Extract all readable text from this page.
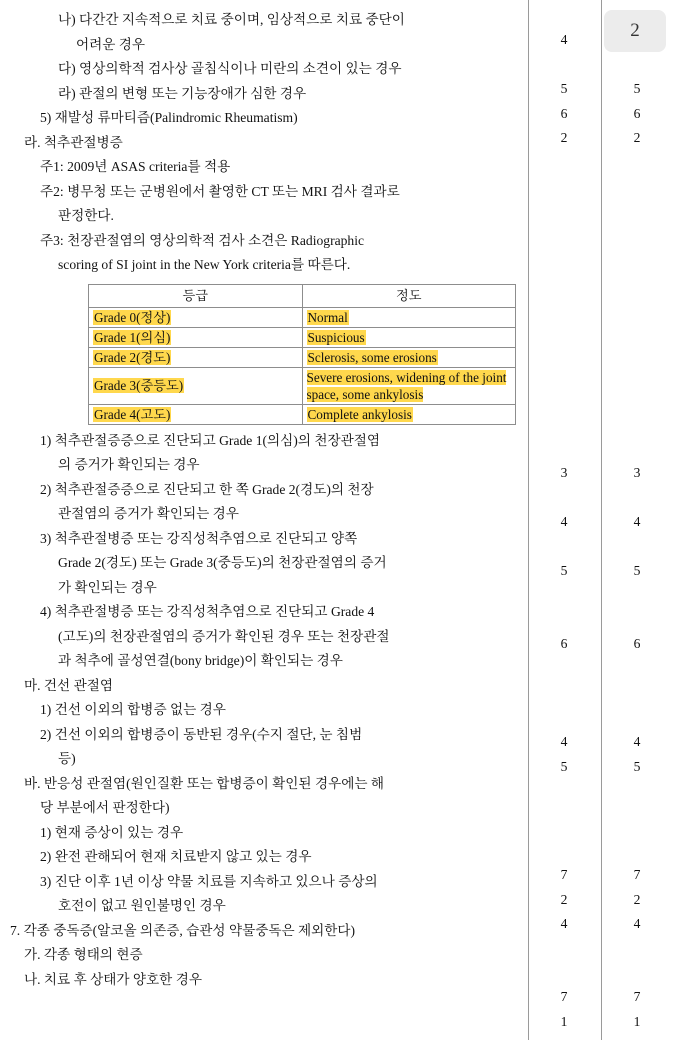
2
나) 다간간 지속적으로 치료 중이며, 임상적으로 치료 중단이
어려운 경우
다) 영상의학적 검사상 골침식이나 미란의 소견이 있는 경우
라) 관절의 변형 또는 기능장애가 심한 경우
5) 재발성 류마티즘(Palindromic Rheumatism)
라. 척추관절병증
주1: 2009년 ASAS criteria를 적용
주2: 병무청 또는 군병원에서 촬영한 CT 또는 MRI 검사 결과로
판정한다.
주3: 천장관절염의 영상의학적 검사 소견은 Radiographic
scoring of SI joint in the New York criteria를 따른다.
등급	정도
Grade 0(정상)	Normal
Grade 1(의심)	Suspicious
Grade 2(경도)	Sclerosis, some erosions
Grade 3(중등도)	Severe erosions, widening of the joint space, some ankylosis
Grade 4(고도)	Complete ankylosis
1) 척추관절증증으로 진단되고 Grade 1(의심)의 천장관절염
의 증거가 확인되는 경우
2) 척추관절증증으로 진단되고 한 쪽 Grade 2(경도)의 천장
관절염의 증거가 확인되는 경우
3) 척추관절병증 또는 강직성척추염으로 진단되고 양쪽
Grade 2(경도) 또는 Grade 3(중등도)의 천장관절염의 증거
가 확인되는 경우
4) 척추관절병증 또는 강직성척추염으로 진단되고 Grade 4
(고도)의 천장관절염의 증거가 확인된 경우 또는 천장관절
과 척추에 골성연결(bony bridge)이 확인되는 경우
마. 건선 관절염
1) 건선 이외의 합병증 없는 경우
2) 건선 이외의 합병증이 동반된 경우(수지 절단, 눈 침범
등)
바. 반응성 관절염(원인질환 또는 합병증이 확인된 경우에는 해
당 부분에서 판정한다)
1) 현재 증상이 있는 경우
2) 완전 관해되어 현재 치료받지 않고 있는 경우
3) 진단 이후 1년 이상 약물 치료를 지속하고 있으나 증상의
호전이 없고 원인불명인 경우
7. 각종 중독증(알코올 의존증, 습관성 약물중독은 제외한다)
가. 각종 형태의 현증
나. 치료 후 상태가 양호한 경우
4
5	5
6	6
2	2
3	3
4	4
5	5
6	6
4	4
5	5
7	7
2	2
4	4
7	7
1	1
